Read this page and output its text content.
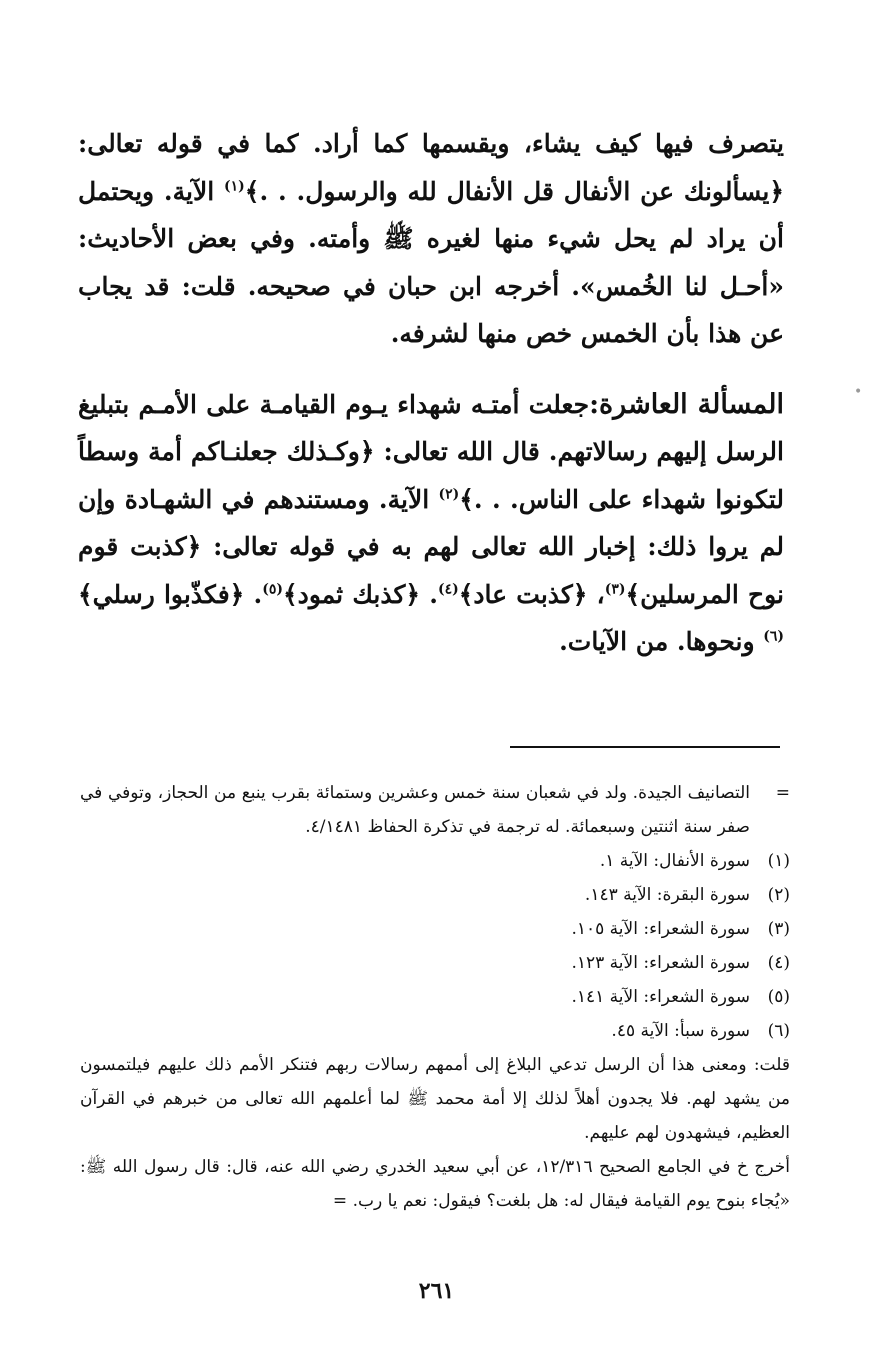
يتصرف فيها كيف يشاء، ويقسمها كما أراد. كما في قوله تعالى: ﴿يسألونك عن الأنفال قل الأنفال لله والرسول. . .﴾$^{(١)}$ الآية. ويحتمل أن يراد لم يحل شيء منها لغيره ﷺ وأمته. وفي بعض الأحاديث: «أحـل لنا الخُمس». أخرجه ابن حبان في صحيحه. قلت: قد يجاب عن هذا بأن الخمس خص منها لشرفه.

المسألة العاشرة:جعلت أمتـه شهداء يـوم القيامـة على الأمـم بتبليغ الرسل إليهم رسالاتهم. قال الله تعالى: ﴿وكـذلك جعلنـاكم أمة وسطاً لتكونوا شهداء على الناس. . .﴾$^{(٢)}$ الآية. ومستندهم في الشهـادة وإن لم يروا ذلك: إخبار الله تعالى لهم به في قوله تعالى: ﴿كذبت قوم نوح المرسلين﴾$^{(٣)}$، ﴿كذبت عاد﴾$^{(٤)}$. ﴿كذبك ثمود﴾$^{(٥)}$. ﴿فكذّبوا رسلي﴾$^{(٦)}$ ونحوها. من الآيات.

•
=
التصانيف الجيدة. ولد في شعبان سنة خمس وعشرين وستمائة بقرب ينبع من الحجاز، وتوفي في صفر سنة اثنتين وسبعمائة. له ترجمة في تذكرة الحفاظ ٤/١٤٨١.
(١)
سورة الأنفال: الآية ١.
(٢)
سورة البقرة: الآية ١٤٣.
(٣)
سورة الشعراء: الآية ١٠٥.
(٤)
سورة الشعراء: الآية ١٢٣.
(٥)
سورة الشعراء: الآية ١٤١.
(٦)
سورة سبأ: الآية ٤٥.
قلت: ومعنى هذا أن الرسل تدعي البلاغ إلى أممهم رسالات ربهم فتنكر الأمم ذلك عليهم فيلتمسون من يشهد لهم. فلا يجدون أهلاً لذلك إلا أمة محمد ﷺ لما أعلمهم الله تعالى من خبرهم في القرآن العظيم، فيشهدون لهم عليهم.
أخرج خ في الجامع الصحيح ١٢/٣١٦، عن أبي سعيد الخدري رضي الله عنه، قال: قال رسول الله ﷺ: «يُجاء بنوح يوم القيامة فيقال له: هل بلغت؟ فيقول: نعم يا رب. =
٢٦١
